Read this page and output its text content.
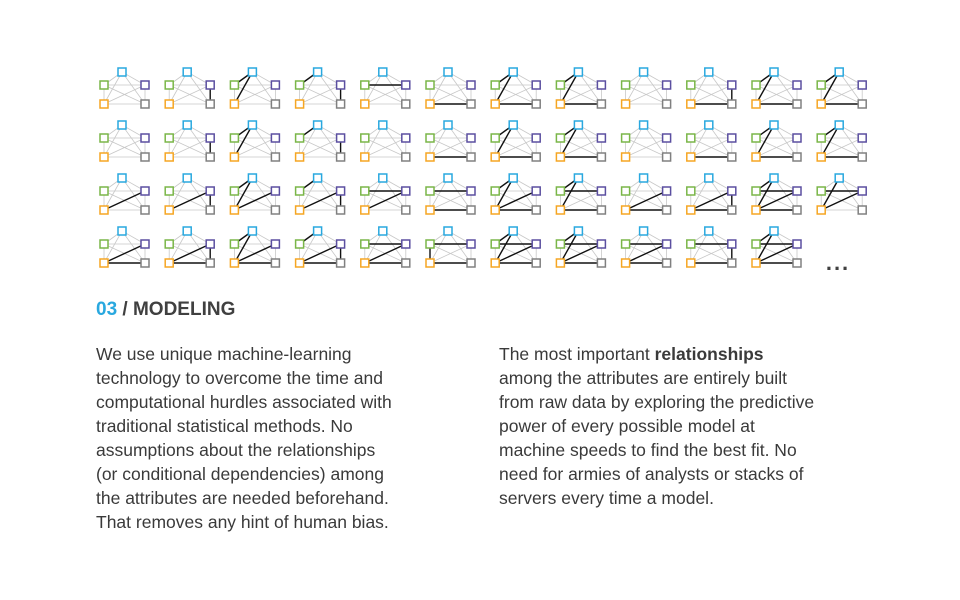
...
03 / MODELING
We use unique machine-learning
technology to overcome the time and
computational hurdles associated with
traditional statistical methods. No
assumptions about the relationships
(or conditional dependencies) among
the attributes are needed beforehand.
That removes any hint of human bias.
The most important relationships
among the attributes are entirely built
from raw data by exploring the predictive
power of every possible model at
machine speeds to find the best fit. No
need for armies of analysts or stacks of
servers every time a model.
